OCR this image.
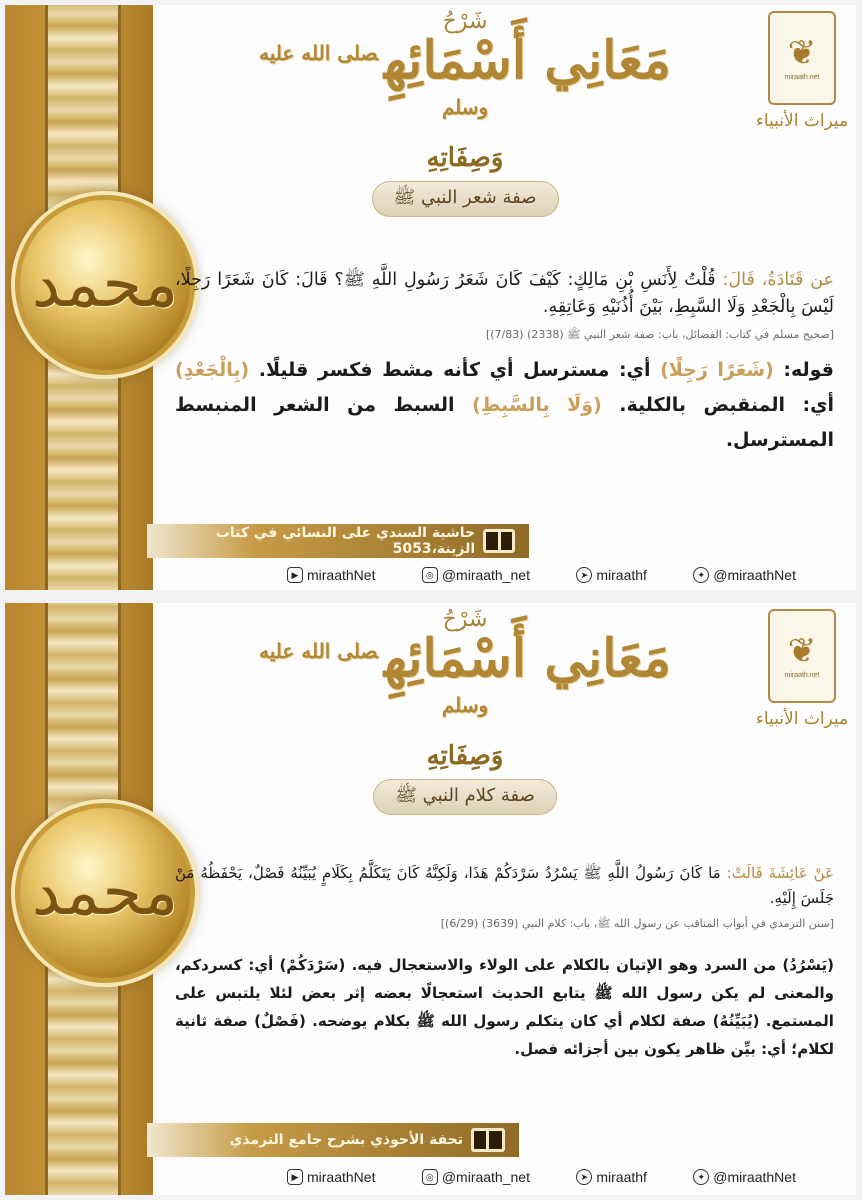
محمد
❦
miraath.net
ميراث الأنبياء
شَرْحُ
مَعَانِي أَسْمَائِهِ$^{صلى الله عليه وسلم}$
وَصِفَاتِهِ
صفة شعر النبي ﷺ
عن قَتَادَةُ، قَالَ: قُلْتُ لِأَنَسِ بْنِ مَالِكٍ: كَيْفَ كَانَ شَعَرُ رَسُولِ اللَّهِ ﷺ؟ قَالَ: كَانَ شَعَرًا رَجِلًا، لَيْسَ بِالْجَعْدِ وَلَا السَّبِطِ، بَيْنَ أُذُنَيْهِ وَعَاتِقِهِ.
[صحيح مسلم في كتاب: الفضائل، باب: صفة شعر النبي ﷺ (2338) (7/83)]
قوله: (شَعَرًا رَجِلًا) أي: مسترسل أي كأنه مشط فكسر قليلًا. (بِالْجَعْدِ) أي: المنقبض بالكلية. (وَلَا بِالسَّبِطِ) السبط من الشعر المنبسط المسترسل.
حاشية السندي على النسائي في كتاب الزينة،5053
▶ miraathNet	◎ @miraath_net	➤ miraathf	✦ @miraathNet
محمد
❦
miraath.net
ميراث الأنبياء
شَرْحُ
مَعَانِي أَسْمَائِهِ$^{صلى الله عليه وسلم}$
وَصِفَاتِهِ
صفة كلام النبي ﷺ
عَنْ عَائِشَةَ قَالَتْ: مَا كَانَ رَسُولُ اللَّهِ ﷺ يَسْرُدُ سَرْدَكُمْ هَذَا، وَلَكِنَّهُ كَانَ يَتَكَلَّمُ بِكَلَامٍ يُبَيِّنُهُ فَصْلٌ، يَحْفَظُهُ مَنْ جَلَسَ إِلَيْهِ.
[سنن الترمذي في أبواب المناقب عن رسول الله ﷺ، باب: كلام النبي (3639) (6/29)]
(يَسْرُدُ) من السرد وهو الإتيان بالكلام على الولاء والاستعجال فيه. (سَرْدَكُمْ) أي: كسردكم، والمعنى لم يكن رسول الله ﷺ يتابع الحديث استعجالًا بعضه إثر بعض لئلا يلتبس على المستمع. (يُبَيِّنُهُ) صفة لكلام أي كان يتكلم رسول الله ﷺ بكلام يوضحه. (فَصْلٌ) صفة ثانية لكلام؛ أي: بيِّن ظاهر يكون بين أجزائه فصل.
تحفة الأحوذي بشرح جامع الترمذي
▶ miraathNet	◎ @miraath_net	➤ miraathf	✦ @miraathNet
